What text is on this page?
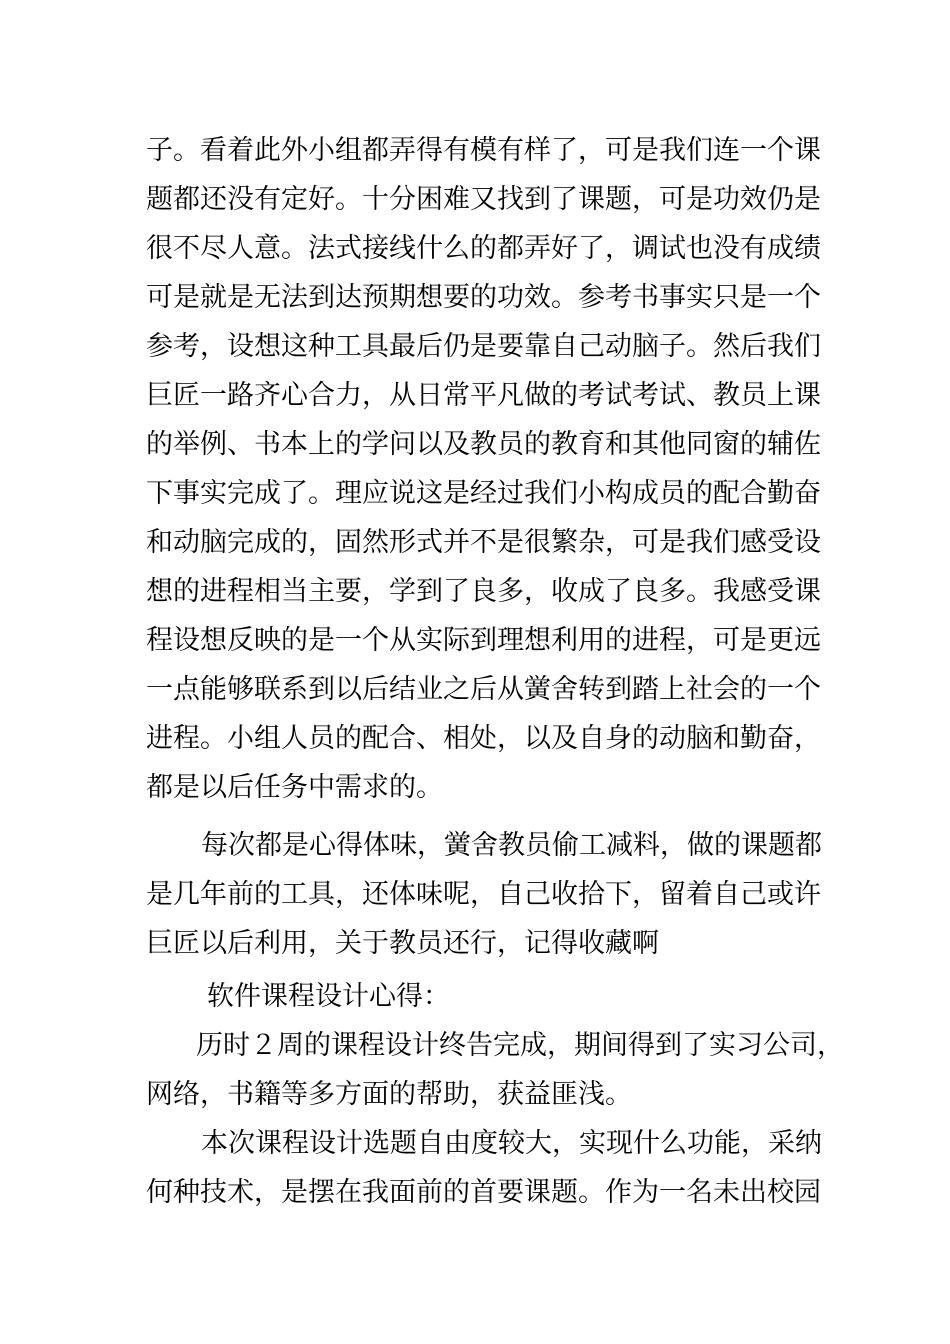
子。看着此外小组都弄得有模有样了，可是我们连一个课
题都还没有定好。十分困难又找到了课题，可是功效仍是
很不尽人意。法式接线什么的都弄好了，调试也没有成绩
可是就是无法到达预期想要的功效。参考书事实只是一个
参考，设想这种工具最后仍是要靠自己动脑子。然后我们
巨匠一路齐心合力，从日常平凡做的考试考试、教员上课
的举例、书本上的学问以及教员的教育和其他同窗的辅佐
下事实完成了。理应说这是经过我们小构成员的配合勤奋
和动脑完成的，固然形式并不是很繁杂，可是我们感受设
想的进程相当主要，学到了良多，收成了良多。我感受课
程设想反映的是一个从实际到理想利用的进程，可是更远
一点能够联系到以后结业之后从黉舍转到踏上社会的一个
进程。小组人员的配合、相处，以及自身的动脑和勤奋，
都是以后任务中需求的。
每次都是心得体味，黉舍教员偷工减料，做的课题都
是几年前的工具，还体味呢，自己收拾下，留着自己或许
巨匠以后利用，关于教员还行，记得收藏啊
软件课程设计心得：
历时２周的课程设计终告完成，期间得到了实习公司，
网络，书籍等多方面的帮助，获益匪浅。
本次课程设计选题自由度较大，实现什么功能，采纳
何种技术，是摆在我面前的首要课题。作为一名未出校园
